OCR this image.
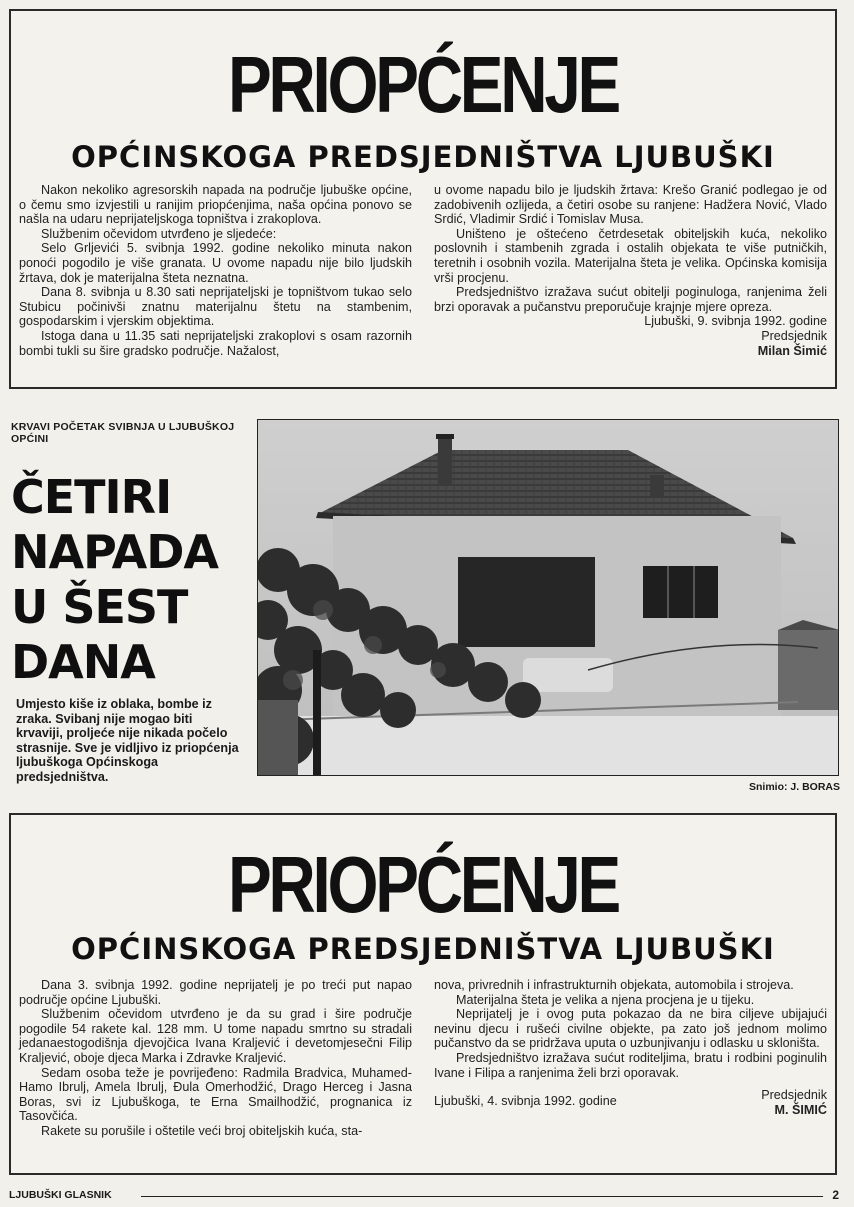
PRIOPĆENJE
OPĆINSKOGA PREDSJEDNIŠTVA LJUBUŠKI

Nakon nekoliko agresorskih napada na područje ljubuške općine, o čemu smo izvjestili u ranijim priopćenjima, naša općina ponovo se našla na udaru neprijateljskoga topništva i zrakoplova.

Službenim očevidom utvrđeno je sljedeće:

Selo Grljevići 5. svibnja 1992. godine nekoliko minuta nakon ponoći pogodilo je više granata. U ovome napadu nije bilo ljudskih žrtava, dok je materijalna šteta neznatna.

Dana 8. svibnja u 8.30 sati neprijateljski je topništvom tukao selo Stubicu počinivši znatnu materijalnu štetu na stambenim, gospodarskim i vjerskim objektima.

Istoga dana u 11.35 sati neprijateljski zrakoplovi s osam razornih bombi tukli su šire gradsko područje. Nažalost,

u ovome napadu bilo je ljudskih žrtava: Krešo Granić podlegao je od zadobivenih ozlijeda, a četiri osobe su ranjene: Hadžera Nović, Vlado Srdić, Vladimir Srdić i Tomislav Musa.

Uništeno je oštećeno četrdesetak obiteljskih kuća, nekoliko poslovnih i stambenih zgrada i ostalih objekata te više putničkih, teretnih i osobnih vozila. Materijalna šteta je velika. Općinska komisija vrši procjenu.

Predsjedništvo izražava sućut obitelji poginuloga, ranjenima želi brzi oporavak a pučanstvu preporučuje krajnje mjere opreza.

Ljubuški, 9. svibnja 1992. godine
Predsjednik
Milan Šimić
KRVAVI POČETAK SVIBNJA U LJUBUŠKOJ OPĆINI
ČETIRI
NAPADA
U ŠEST
DANA

Umjesto kiše iz oblaka, bombe iz zraka. Svibanj nije mogao biti krvaviji, proljeće nije nikada počelo strasnije. Sve je vidljivo iz priopćenja ljubuškoga Općinskoga predsjedništva.

Snimio: J. BORAS
PRIOPĆENJE
OPĆINSKOGA PREDSJEDNIŠTVA LJUBUŠKI

Dana 3. svibnja 1992. godine neprijatelj je po treći put napao područje općine Ljubuški.

Službenim očevidom utvrđeno je da su grad i šire područje pogodile 54 rakete kal. 128 mm. U tome napadu smrtno su stradali jedanaestogodišnja djevojčica Ivana Kraljević i devetomjesečni Filip Kraljević, oboje djeca Marka i Zdravke Kraljević.

Sedam osoba teže je povrijeđeno: Radmila Bradvica, Muhamed-Hamo Ibrulj, Amela Ibrulj, Đula Omerhodžić, Drago Herceg i Jasna Boras, svi iz Ljubuškoga, te Erna Smailhodžić, prognanica iz Tasovčića.

Rakete su porušile i oštetile veći broj obiteljskih kuća, sta-

nova, privrednih i infrastrukturnih objekata, automobila i strojeva.

Materijalna šteta je velika a njena procjena je u tijeku.

Neprijatelj je i ovog puta pokazao da ne bira ciljeve ubijajući nevinu djecu i rušeći civilne objekte, pa zato još jednom molimo pučanstvo da se pridržava uputa o uzbunjivanju i odlasku u skloništa.

Predsjedništvo izražava sućut roditeljima, bratu i rodbini poginulih Ivane i Filipa a ranjenima želi brzi oporavak.

Ljubuški, 4. svibnja 1992. godine	Predsjednik
M. ŠIMIĆ
LJUBUŠKI GLASNIK	2
